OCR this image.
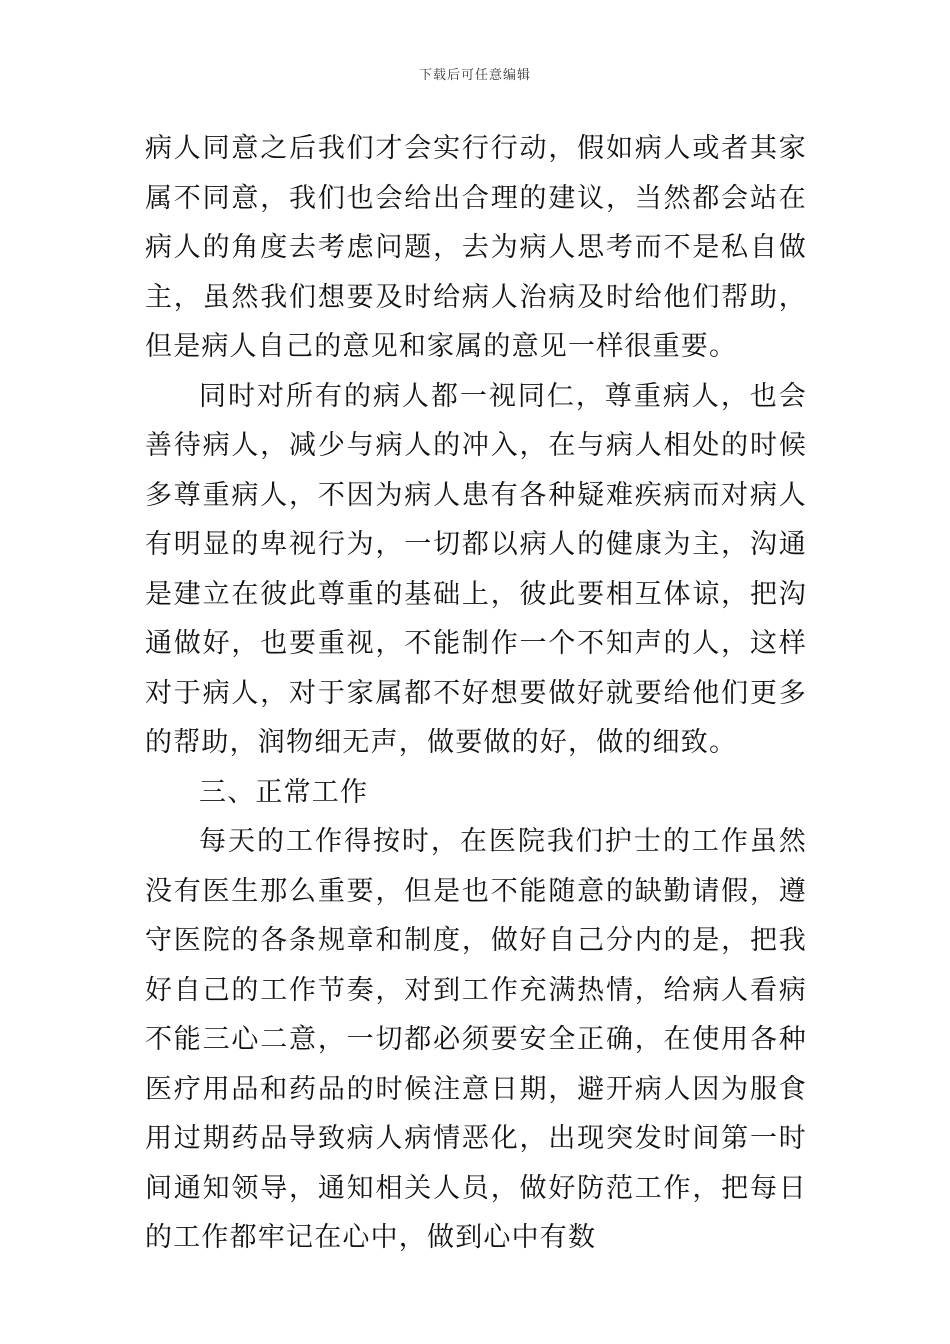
下载后可任意编辑

病人同意之后我们才会实行行动，假如病人或者其家属不同意，我们也会给出合理的建议，当然都会站在病人的角度去考虑问题，去为病人思考而不是私自做主，虽然我们想要及时给病人治病及时给他们帮助，但是病人自己的意见和家属的意见一样很重要。

同时对所有的病人都一视同仁，尊重病人，也会善待病人，减少与病人的冲入，在与病人相处的时候多尊重病人，不因为病人患有各种疑难疾病而对病人有明显的卑视行为，一切都以病人的健康为主，沟通是建立在彼此尊重的基础上，彼此要相互体谅，把沟通做好，也要重视，不能制作一个不知声的人，这样对于病人，对于家属都不好想要做好就要给他们更多的帮助，润物细无声，做要做的好，做的细致。

三、正常工作

每天的工作得按时，在医院我们护士的工作虽然没有医生那么重要，但是也不能随意的缺勤请假，遵守医院的各条规章和制度，做好自己分内的是，把我好自己的工作节奏，对到工作充满热情，给病人看病不能三心二意，一切都必须要安全正确，在使用各种医疗用品和药品的时候注意日期，避开病人因为服食用过期药品导致病人病情恶化，出现突发时间第一时间通知领导，通知相关人员，做好防范工作，把每日的工作都牢记在心中，做到心中有数
